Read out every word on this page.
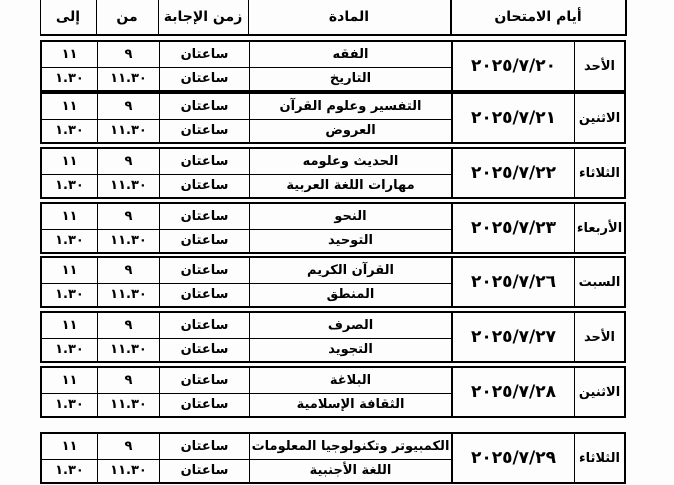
إلى	من	زمن الإجابة	المادة	أيام الامتحان
١١	٩	ساعتان	الفقه
١.٣٠	١١.٣٠	ساعتان	التاريخ
٢٠٢٥/٧/٢٠	الأحد
١١	٩	ساعتان	التفسير وعلوم القرآن
١.٣٠	١١.٣٠	ساعتان	العروض
٢٠٢٥/٧/٢١	الاثنين
١١	٩	ساعتان	الحديث وعلومه
١.٣٠	١١.٣٠	ساعتان	مهارات اللغة العربية
٢٠٢٥/٧/٢٢	الثلاثاء
١١	٩	ساعتان	النحو
١.٣٠	١١.٣٠	ساعتان	التوحيد
٢٠٢٥/٧/٢٣	الأربعاء
١١	٩	ساعتان	القرآن الكريم
١.٣٠	١١.٣٠	ساعتان	المنطق
٢٠٢٥/٧/٢٦	السبت
١١	٩	ساعتان	الصرف
١.٣٠	١١.٣٠	ساعتان	التجويد
٢٠٢٥/٧/٢٧	الأحد
١١	٩	ساعتان	البلاغة
١.٣٠	١١.٣٠	ساعتان	الثقافة الإسلامية
٢٠٢٥/٧/٢٨	الاثنين
١١	٩	ساعتان	الكمبيوتر وتكنولوجيا المعلومات
١.٣٠	١١.٣٠	ساعتان	اللغة الأجنبية
٢٠٢٥/٧/٢٩	الثلاثاء
